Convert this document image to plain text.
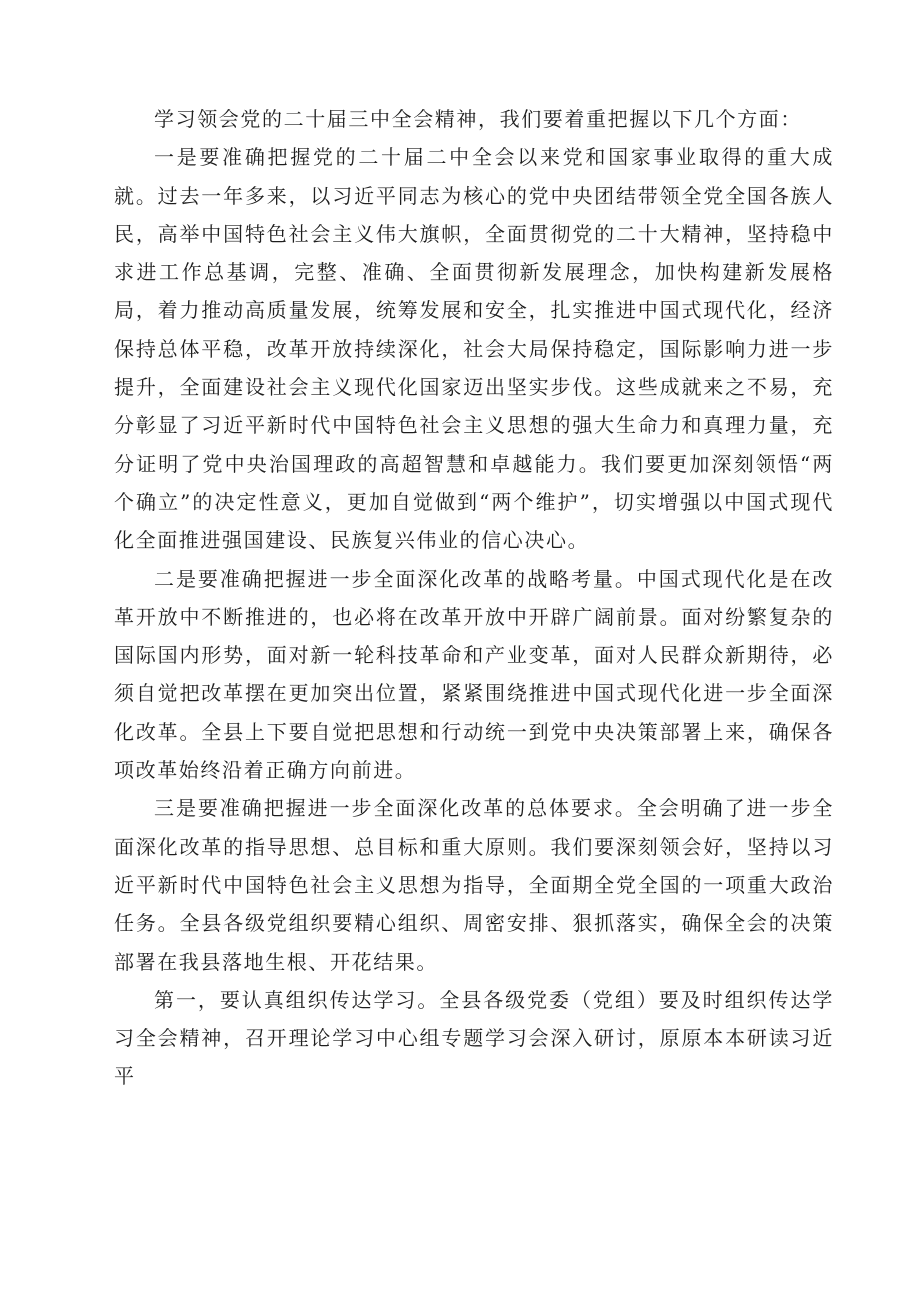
学习领会党的二十届三中全会精神，我们要着重把握以下几个方面：

一是要准确把握党的二十届二中全会以来党和国家事业取得的重大成就。过去一年多来，以习近平同志为核心的党中央团结带领全党全国各族人民，高举中国特色社会主义伟大旗帜，全面贯彻党的二十大精神，坚持稳中求进工作总基调，完整、准确、全面贯彻新发展理念，加快构建新发展格局，着力推动高质量发展，统筹发展和安全，扎实推进中国式现代化，经济保持总体平稳，改革开放持续深化，社会大局保持稳定，国际影响力进一步提升，全面建设社会主义现代化国家迈出坚实步伐。这些成就来之不易，充分彰显了习近平新时代中国特色社会主义思想的强大生命力和真理力量，充分证明了党中央治国理政的高超智慧和卓越能力。我们要更加深刻领悟“两个确立”的决定性意义，更加自觉做到“两个维护”，切实增强以中国式现代化全面推进强国建设、民族复兴伟业的信心决心。

二是要准确把握进一步全面深化改革的战略考量。中国式现代化是在改革开放中不断推进的，也必将在改革开放中开辟广阔前景。面对纷繁复杂的国际国内形势，面对新一轮科技革命和产业变革，面对人民群众新期待，必须自觉把改革摆在更加突出位置，紧紧围绕推进中国式现代化进一步全面深化改革。全县上下要自觉把思想和行动统一到党中央决策部署上来，确保各项改革始终沿着正确方向前进。

三是要准确把握进一步全面深化改革的总体要求。全会明确了进一步全面深化改革的指导思想、总目标和重大原则。我们要深刻领会好，坚持以习近平新时代中国特色社会主义思想为指导，全面期全党全国的一项重大政治任务。全县各级党组织要精心组织、周密安排、狠抓落实，确保全会的决策部署在我县落地生根、开花结果。

第一，要认真组织传达学习。全县各级党委（党组）要及时组织传达学习全会精神，召开理论学习中心组专题学习会深入研讨，原原本本研读习近平
